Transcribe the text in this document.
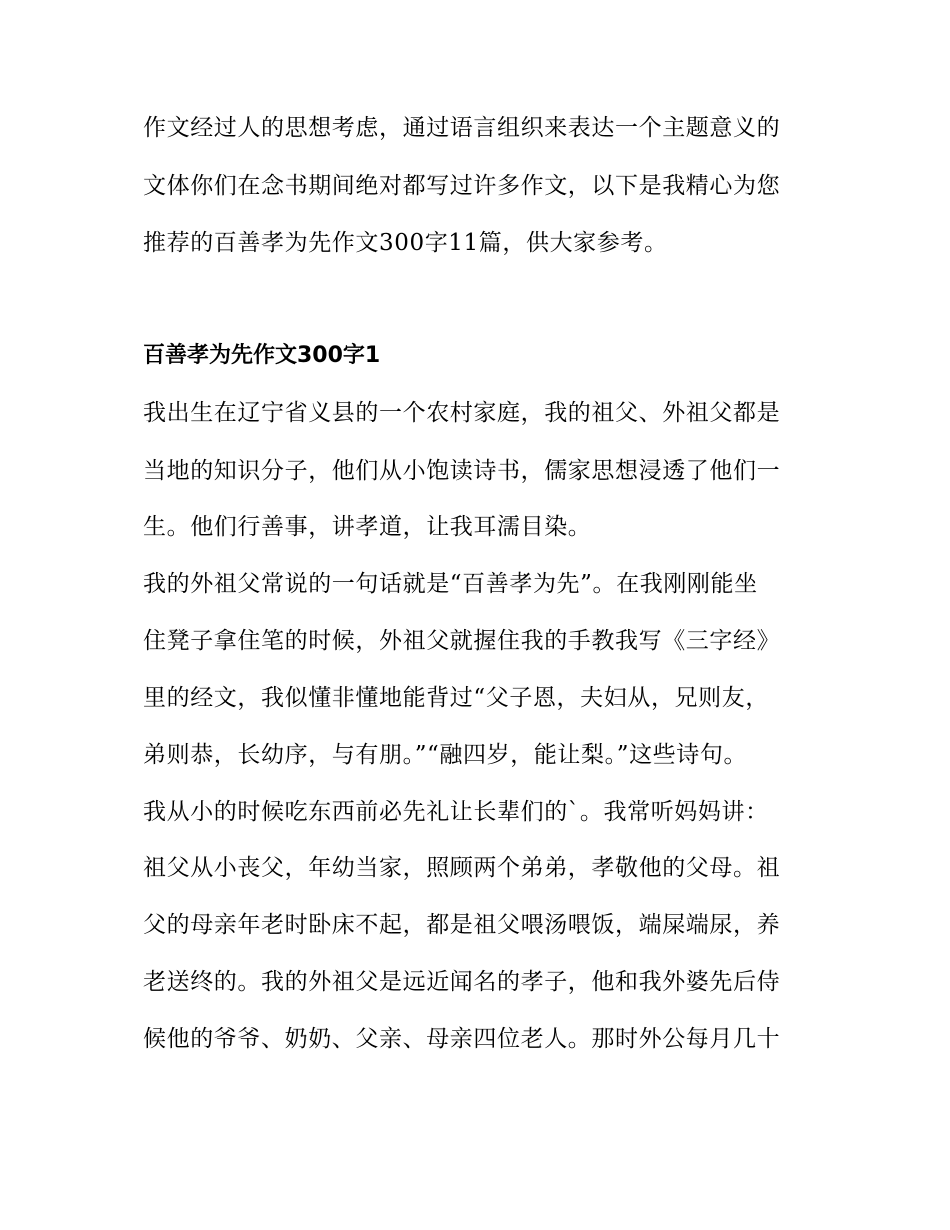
作文经过人的思想考虑，通过语言组织来表达一个主题意义的
文体你们在念书期间绝对都写过许多作文，以下是我精心为您
推荐的百善孝为先作文300字11篇，供大家参考。
百善孝为先作文300字1
我出生在辽宁省义县的一个农村家庭，我的祖父、外祖父都是
当地的知识分子，他们从小饱读诗书，儒家思想浸透了他们一
生。他们行善事，讲孝道，让我耳濡目染。
我的外祖父常说的一句话就是“百善孝为先”。在我刚刚能坐
住凳子拿住笔的时候，外祖父就握住我的手教我写《三字经》
里的经文，我似懂非懂地能背过“父子恩，夫妇从，兄则友，
弟则恭，长幼序，与有朋。”“融四岁，能让梨。”这些诗句。
我从小的时候吃东西前必先礼让长辈们的`。我常听妈妈讲：
祖父从小丧父，年幼当家，照顾两个弟弟，孝敬他的父母。祖
父的母亲年老时卧床不起，都是祖父喂汤喂饭，端屎端尿，养
老送终的。我的外祖父是远近闻名的孝子，他和我外婆先后侍
候他的爷爷、奶奶、父亲、母亲四位老人。那时外公每月几十
